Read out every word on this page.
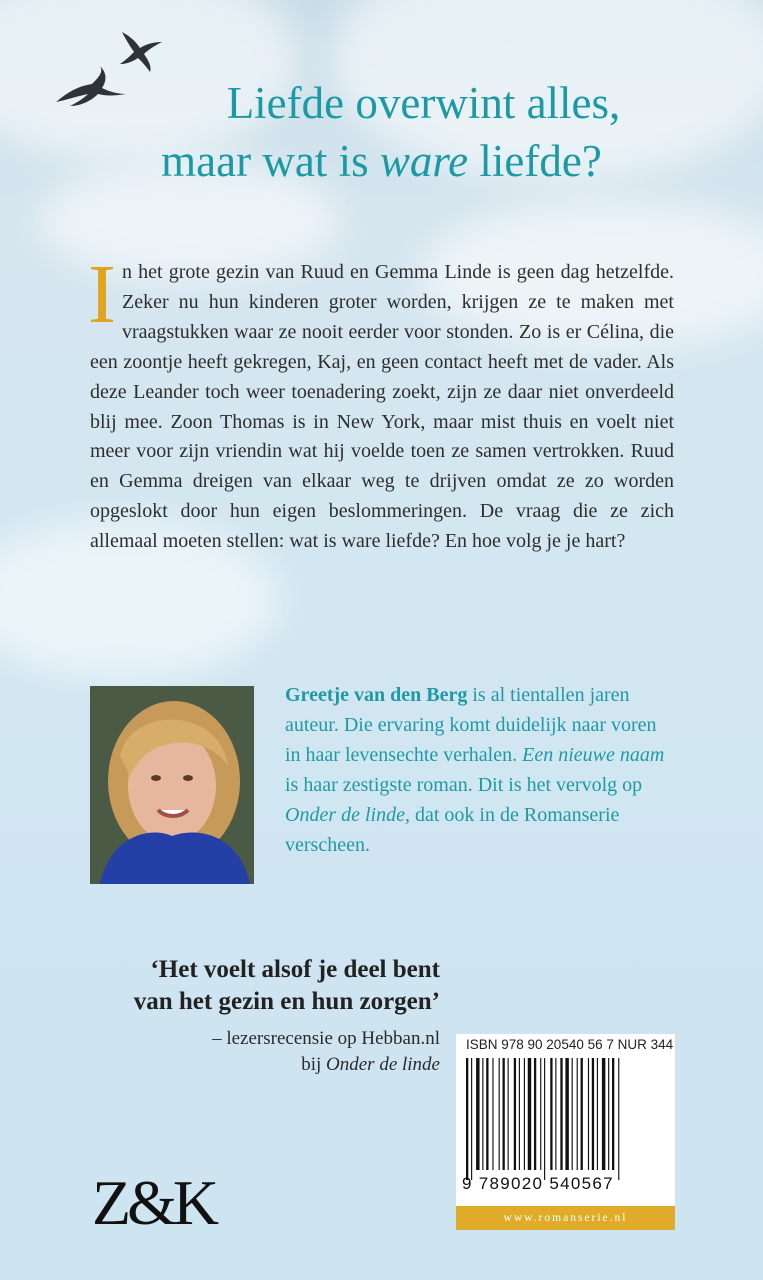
Liefde overwint alles,
maar wat is ware liefde?
In het grote gezin van Ruud en Gemma Linde is geen dag hetzelfde. Zeker nu hun kinderen groter worden, krijgen ze te maken met vraagstukken waar ze nooit eerder voor stonden. Zo is er Célina, die een zoontje heeft gekregen, Kaj, en geen contact heeft met de vader. Als deze Leander toch weer toenadering zoekt, zijn ze daar niet onverdeeld blij mee. Zoon Thomas is in New York, maar mist thuis en voelt niet meer voor zijn vriendin wat hij voelde toen ze samen vertrokken. Ruud en Gemma dreigen van elkaar weg te drijven omdat ze zo worden opgeslokt door hun eigen beslommeringen. De vraag die ze zich allemaal moeten stellen: wat is ware liefde? En hoe volg je je hart?
Greetje van den Berg is al tientallen jaren auteur. Die ervaring komt duidelijk naar voren in haar levensechte verhalen. Een nieuwe naam is haar zestigste roman. Dit is het vervolg op Onder de linde, dat ook in de Romanserie verscheen.
‘Het voelt alsof je deel bent
van het gezin en hun zorgen’
– lezersrecensie op Hebban.nl
bij Onder de linde
Z&K
ISBN 978 90 20540 56 7 NUR 344
9 789020 540567
www.romanserie.nl
